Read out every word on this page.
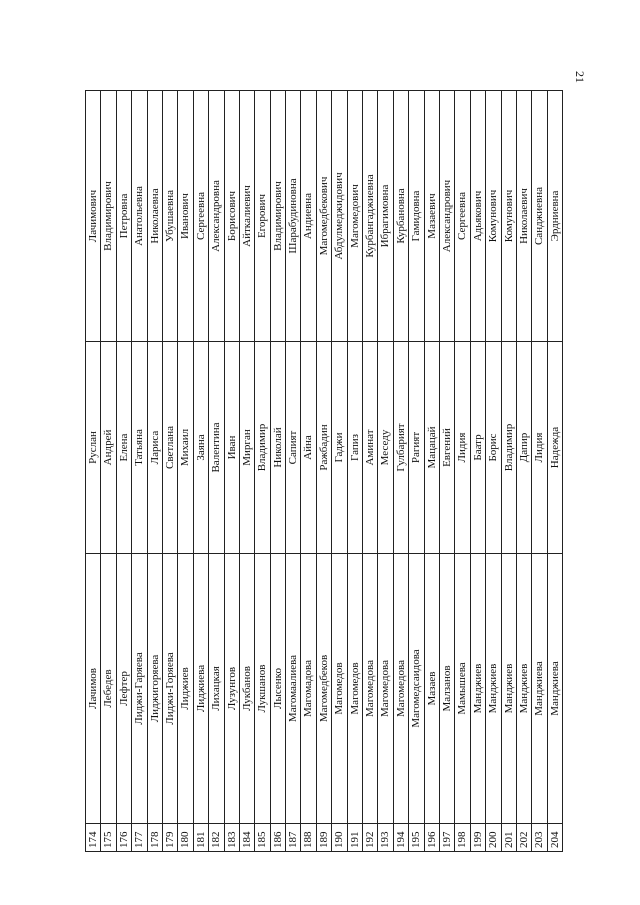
21
174
Лачимов
Руслан
Лачимович
175
Лебедев
Андрей
Владимирович
176
Лефтер
Елена
Петровна
177
Лиджи-Гаряева
Татьяна
Анатольевна
178
Лиджигоряева
Лариса
Николаевна
179
Лиджи-Горяева
Светлана
Убушаевна
180
Лиджиев
Михаил
Иванович
181
Лиджиева
Заяна
Сергеевна
182
Лихацкая
Валентина
Александровна
183
Лузунгов
Иван
Борисович
184
Лукбанов
Мирган
Айткалиевич
185
Лукшанов
Владимир
Егорович
186
Лысенко
Николай
Владимирович
187
Магомаалиева
Сапият
Шарабудиновна
188
Магомадова
Айна
Андиевна
189
Магомедбеков
Ражбадин
Магомедбекович
190
Магомедов
Гаджи
Абдулмеджидович
191
Магомедов
Гапиз
Магомедович
192
Магомедова
Аминат
Курбангаджиевна
193
Магомедова
Меседу
Ибрагимовна
194
Магомедова
Гулбарият
Курбановна
195
Магомедсаидова
Рагият
Гамидовна
196
Мазаев
Мацацай
Мазаевич
197
Малзанов
Евгений
Александрович
198
Мамышева
Лидия
Сергеевна
199
Манджиев
Баатр
Адьякович
200
Манджиев
Борис
Комунович
201
Манджиев
Владимир
Комунович
202
Манджиев
Дапир
Николаевич
203
Манджиева
Лидия
Санджиевна
204
Манджиева
Надежда
Эрдниевна
